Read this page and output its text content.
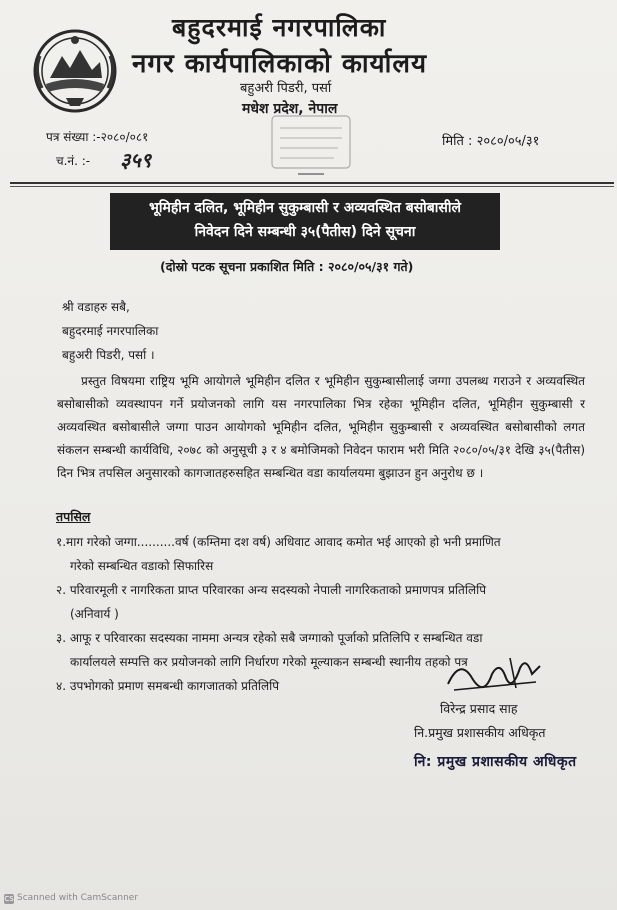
बहुदरमाई नगरपालिका
नगर कार्यपालिकाको कार्यालय
बहुअरी पिडरी, पर्सा
मधेश प्रदेश, नेपाल
पत्र संख्या :-२०८०/०८१
च.नं. :- ३५९
मिति : २०८०/०५/३१
भूमिहीन दलित, भूमिहीन सुकुम्बासी र अव्यवस्थित बसोबासीले
निवेदन दिने सम्बन्धी ३५(पैतीस) दिने सूचना
(दोस्रो पटक सूचना प्रकाशित मिति : २०८०/०५/३१ गते)
श्री वडाहरु सबै,
बहुदरमाई नगरपालिका
बहुअरी पिडरी, पर्सा ।
प्रस्तुत विषयमा राष्ट्रिय भूमि आयोगले भूमिहीन दलित र भूमिहीन सुकुम्बासीलाई जग्गा उपलब्ध गराउने र अव्यवस्थित बसोबासीको व्यवस्थापन गर्ने प्रयोजनको लागि यस नगरपालिका भित्र रहेका भूमिहीन दलित, भूमिहीन सुकुम्बासी र अव्यवस्थित बसोबासीले जग्गा पाउन आयोगको भूमिहीन दलित, भूमिहीन सुकुम्बासी र अव्यवस्थित बसोबासीको लगत संकलन सम्बन्धी कार्यविधि, २०७८ को अनुसूची ३ र ४ बमोजिमको निवेदन फाराम भरी मिति २०८०/०५/३१ देखि ३५(पैतीस) दिन भित्र तपसिल अनुसारको कागजातहरुसहित सम्बन्धित वडा कार्यालयमा बुझाउन हुन अनुरोध छ ।
तपसिल
१.माग गरेको जग्गा..........वर्ष (कम्तिमा दश वर्ष) अधिवाट आवाद कमोत भई आएको हो भनी प्रमाणित
गरेको सम्बन्धित वडाको सिफारिस
२. परिवारमूली र नागरिकता प्राप्त परिवारका अन्य सदस्यको नेपाली नागरिकताको प्रमाणपत्र प्रतिलिपि
(अनिवार्य )
३. आफू र परिवारका सदस्यका नाममा अन्यत्र रहेको सबै जग्गाको पूर्जाको प्रतिलिपि र सम्बन्धित वडा
कार्यालयले सम्पत्ति कर प्रयोजनको लागि निर्धारण गरेको मूल्याकन सम्बन्धी स्थानीय तहको पत्र
४. उपभोगको प्रमाण समबन्धी कागजातको प्रतिलिपि
विरेन्द्र प्रसाद साह
नि.प्रमुख प्रशासकीय अधिकृत
नि: प्रमुख प्रशासकीय अधिकृत
CS Scanned with CamScanner
